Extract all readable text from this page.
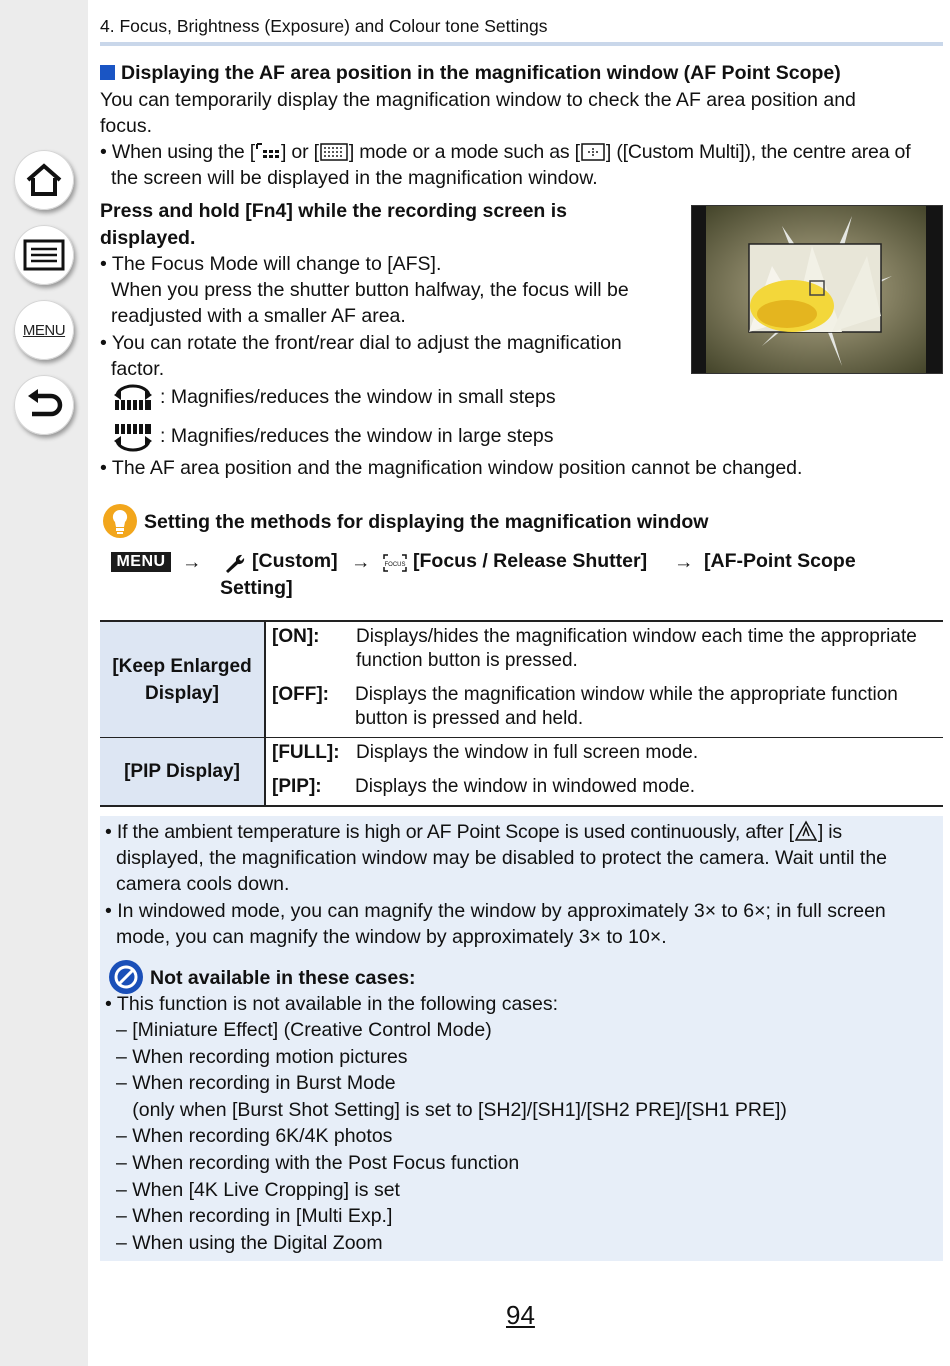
MENU
4. Focus, Brightness (Exposure) and Colour tone Settings
Displaying the AF area position in the magnification window (AF Point Scope)
You can temporarily display the magnification window to check the AF area position and
focus.
• When using the [ ] or [ ] mode or a mode such as [ ] ([Custom Multi]), the centre area of
the screen will be displayed in the magnification window.
Press and hold [Fn4] while the recording screen is
displayed.
• The Focus Mode will change to [AFS].
When you press the shutter button halfway, the focus will be
readjusted with a smaller AF area.
• You can rotate the front/rear dial to adjust the magnification
factor.
: Magnifies/reduces the window in small steps
: Magnifies/reduces the window in large steps
• The AF area position and the magnification window position cannot be changed.
Setting the methods for displaying the magnification window
MENU →	[Custom] → FOCUS [Focus / Release Shutter] → [AF-Point Scope
Setting]
[Keep Enlarged
Display]	[ON]:	Displays/hides the magnification window each time the appropriate
function button is pressed.
	[OFF]:	Displays the magnification window while the appropriate function
button is pressed and held.
[PIP Display]	[FULL]:	Displays the window in full screen mode.
	[PIP]:	Displays the window in windowed mode.
• If the ambient temperature is high or AF Point Scope is used continuously, after [ ] is
displayed, the magnification window may be disabled to protect the camera. Wait until the
camera cools down.
• In windowed mode, you can magnify the window by approximately 3× to 6×; in full screen
mode, you can magnify the window by approximately 3× to 10×.
Not available in these cases:
• This function is not available in the following cases:
– [Miniature Effect] (Creative Control Mode)
– When recording motion pictures
– When recording in Burst Mode
(only when [Burst Shot Setting] is set to [SH2]/[SH1]/[SH2 PRE]/[SH1 PRE])
– When recording 6K/4K photos
– When recording with the Post Focus function
– When [4K Live Cropping] is set
– When recording in [Multi Exp.]
– When using the Digital Zoom
94
